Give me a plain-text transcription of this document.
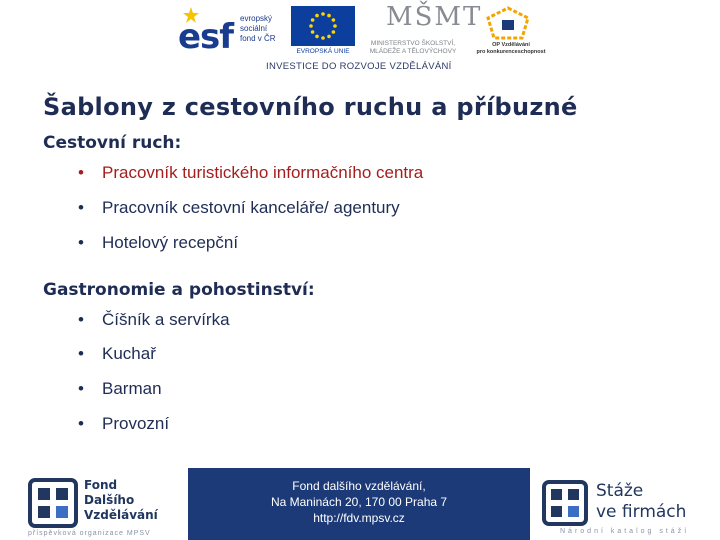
esf evropský
sociální
fond v ČR
EVROPSKÁ UNIE
MŠMT
MINISTERSTVO ŠKOLSTVÍ,
MLÁDEŽE A TĚLOVÝCHOVY
OP Vzdělávání
pro konkurenceschopnost
INVESTICE DO ROZVOJE VZDĚLÁVÁNÍ
Šablony z cestovního ruchu a příbuzné
Cestovní ruch:
• Pracovník turistického informačního centra
• Pracovník cestovní kanceláře/ agentury
• Hotelový recepční
Gastronomie a pohostinství:
• Číšník a servírka
• Kuchař
• Barman
• Provozní
Fond
Dalšího
Vzdělávání
příspěvková organizace MPSV
Fond dalšího vzdělávání,
Na Maninách 20, 170 00 Praha 7
http://fdv.mpsv.cz
Stáže
ve firmách
Národní katalog stáží
